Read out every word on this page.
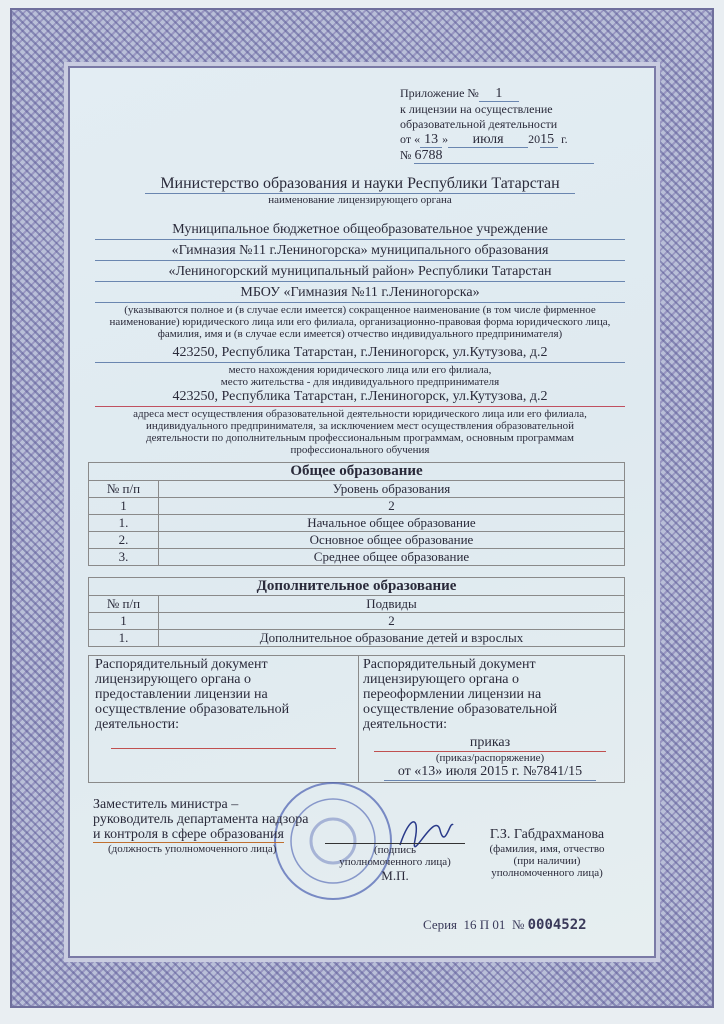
Приложение № 1
к лицензии на осуществление
образовательной деятельности
от « 13 » июля 2015 г.
№ 6788
Министерство образования и науки Республики Татарстан
наименование лицензирующего органа
Муниципальное бюджетное общеобразовательное учреждение
«Гимназия №11 г.Лениногорска» муниципального образования
«Лениногорский муниципальный район» Республики Татарстан
МБОУ «Гимназия №11 г.Лениногорска»
(указываются полное и (в случае если имеется) сокращенное наименование (в том числе фирменное наименование) юридического лица или его филиала, организационно-правовая форма юридического лица, фамилия, имя и (в случае если имеется) отчество индивидуального предпринимателя)
423250, Республика Татарстан, г.Лениногорск, ул.Кутузова, д.2
место нахождения юридического лица или его филиала,
место жительства - для индивидуального предпринимателя
423250, Республика Татарстан, г.Лениногорск, ул.Кутузова, д.2
адреса мест осуществления образовательной деятельности юридического лица или его филиала, индивидуального предпринимателя, за исключением мест осуществления образовательной деятельности по дополнительным профессиональным программам, основным программам профессионального обучения
Общее образование	
№ п/п	Уровень образования
1	2
1.	Начальное общее образование
2.	Основное общее образование
3.	Среднее общее образование
Дополнительное образование	
№ п/п	Подвиды
1	2
1.	Дополнительное образование детей и взрослых
Распорядительный документ лицензирующего органа о предоставлении лицензии на осуществление образовательной деятельности:
Распорядительный документ лицензирующего органа о переоформлении лицензии на осуществление образовательной деятельности:
приказ
(приказ/распоряжение)
от «13» июля 2015 г. №7841/15
Заместитель министра –
руководитель департамента надзора
и контроля в сфере образования
(должность уполномоченного лица)	(подпись
уполномоченного лица)
М.П.
Г.З. Габдрахманова
(фамилия, имя, отчество
(при наличии)
уполномоченного лица)
Серия 16 П 01 № 0004522
